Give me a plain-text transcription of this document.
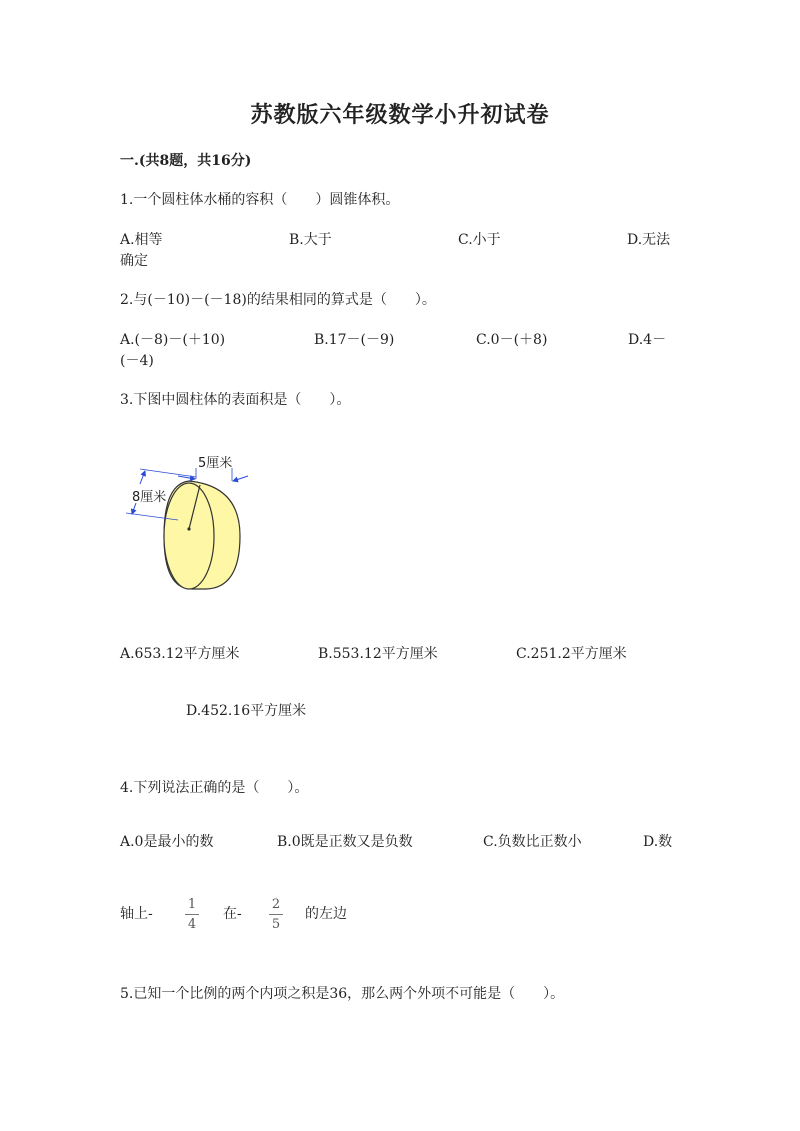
苏教版六年级数学小升初试卷
一.(共8题，共16分)
1.一个圆柱体水桶的容积（　　）圆锥体积。
A.相等	B.大于	C.小于	D.无法
确定
2.与(－10)－(－18)的结果相同的算式是（　　）。
A.(－8)－(＋10)	B.17－(－9)	C.0－(＋8)	D.4－
(－4)
3.下图中圆柱体的表面积是（　　）。
5厘米
8厘米
A.653.12平方厘米	B.553.12平方厘米	C.251.2平方厘米
D.452.16平方厘米
4.下列说法正确的是（　　）。
A.0是最小的数	B.0既是正数又是负数	C.负数比正数小	D.数
轴上-
1
4
在-
2
5
的左边
5.已知一个比例的两个内项之积是36，那么两个外项不可能是（　　）。
